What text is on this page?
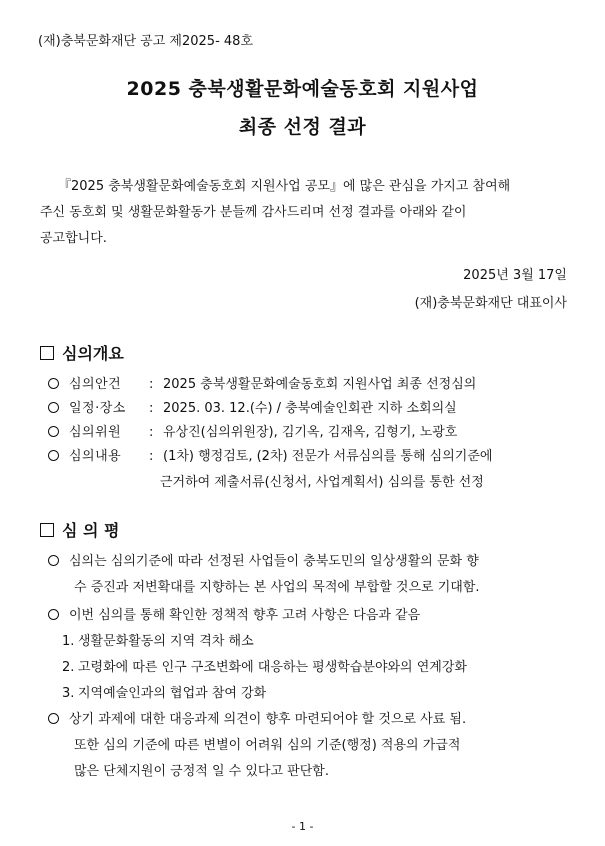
(재)충북문화재단 공고 제2025- 48호
2025 충북생활문화예술동호회 지원사업
최종 선정 결과
『2025 충북생활문화예술동호회 지원사업 공모』에 많은 관심을 가지고 참여해
주신 동호회 및 생활문화활동가 분들께 감사드리며 선정 결과를 아래와 같이
공고합니다.
2025년 3월 17일
(재)충북문화재단 대표이사
심의개요
심의안건 : 2025 충북생활문화예술동호회 지원사업 최종 선정심의
일정·장소 : 2025. 03. 12.(수) / 충북예술인회관 지하 소회의실
심의위원 : 유상진(심의위원장), 김기옥, 김재옥, 김형기, 노광호
심의내용 : (1차) 행정검토, (2차) 전문가 서류심의를 통해 심의기준에
근거하여 제출서류(신청서, 사업계획서) 심의를 통한 선정
심 의 평
심의는 심의기준에 따라 선정된 사업들이 충북도민의 일상생활의 문화 향
수 증진과 저변확대를 지향하는 본 사업의 목적에 부합할 것으로 기대함.
이번 심의를 통해 확인한 정책적 향후 고려 사항은 다음과 같음
1. 생활문화활동의 지역 격차 해소
2. 고령화에 따른 인구 구조변화에 대응하는 평생학습분야와의 연계강화
3. 지역예술인과의 협업과 참여 강화
상기 과제에 대한 대응과제 의견이 향후 마련되어야 할 것으로 사료 됨.
또한 심의 기준에 따른 변별이 어려워 심의 기준(행정) 적용의 가급적
많은 단체지원이 긍정적 일 수 있다고 판단함.
- 1 -
